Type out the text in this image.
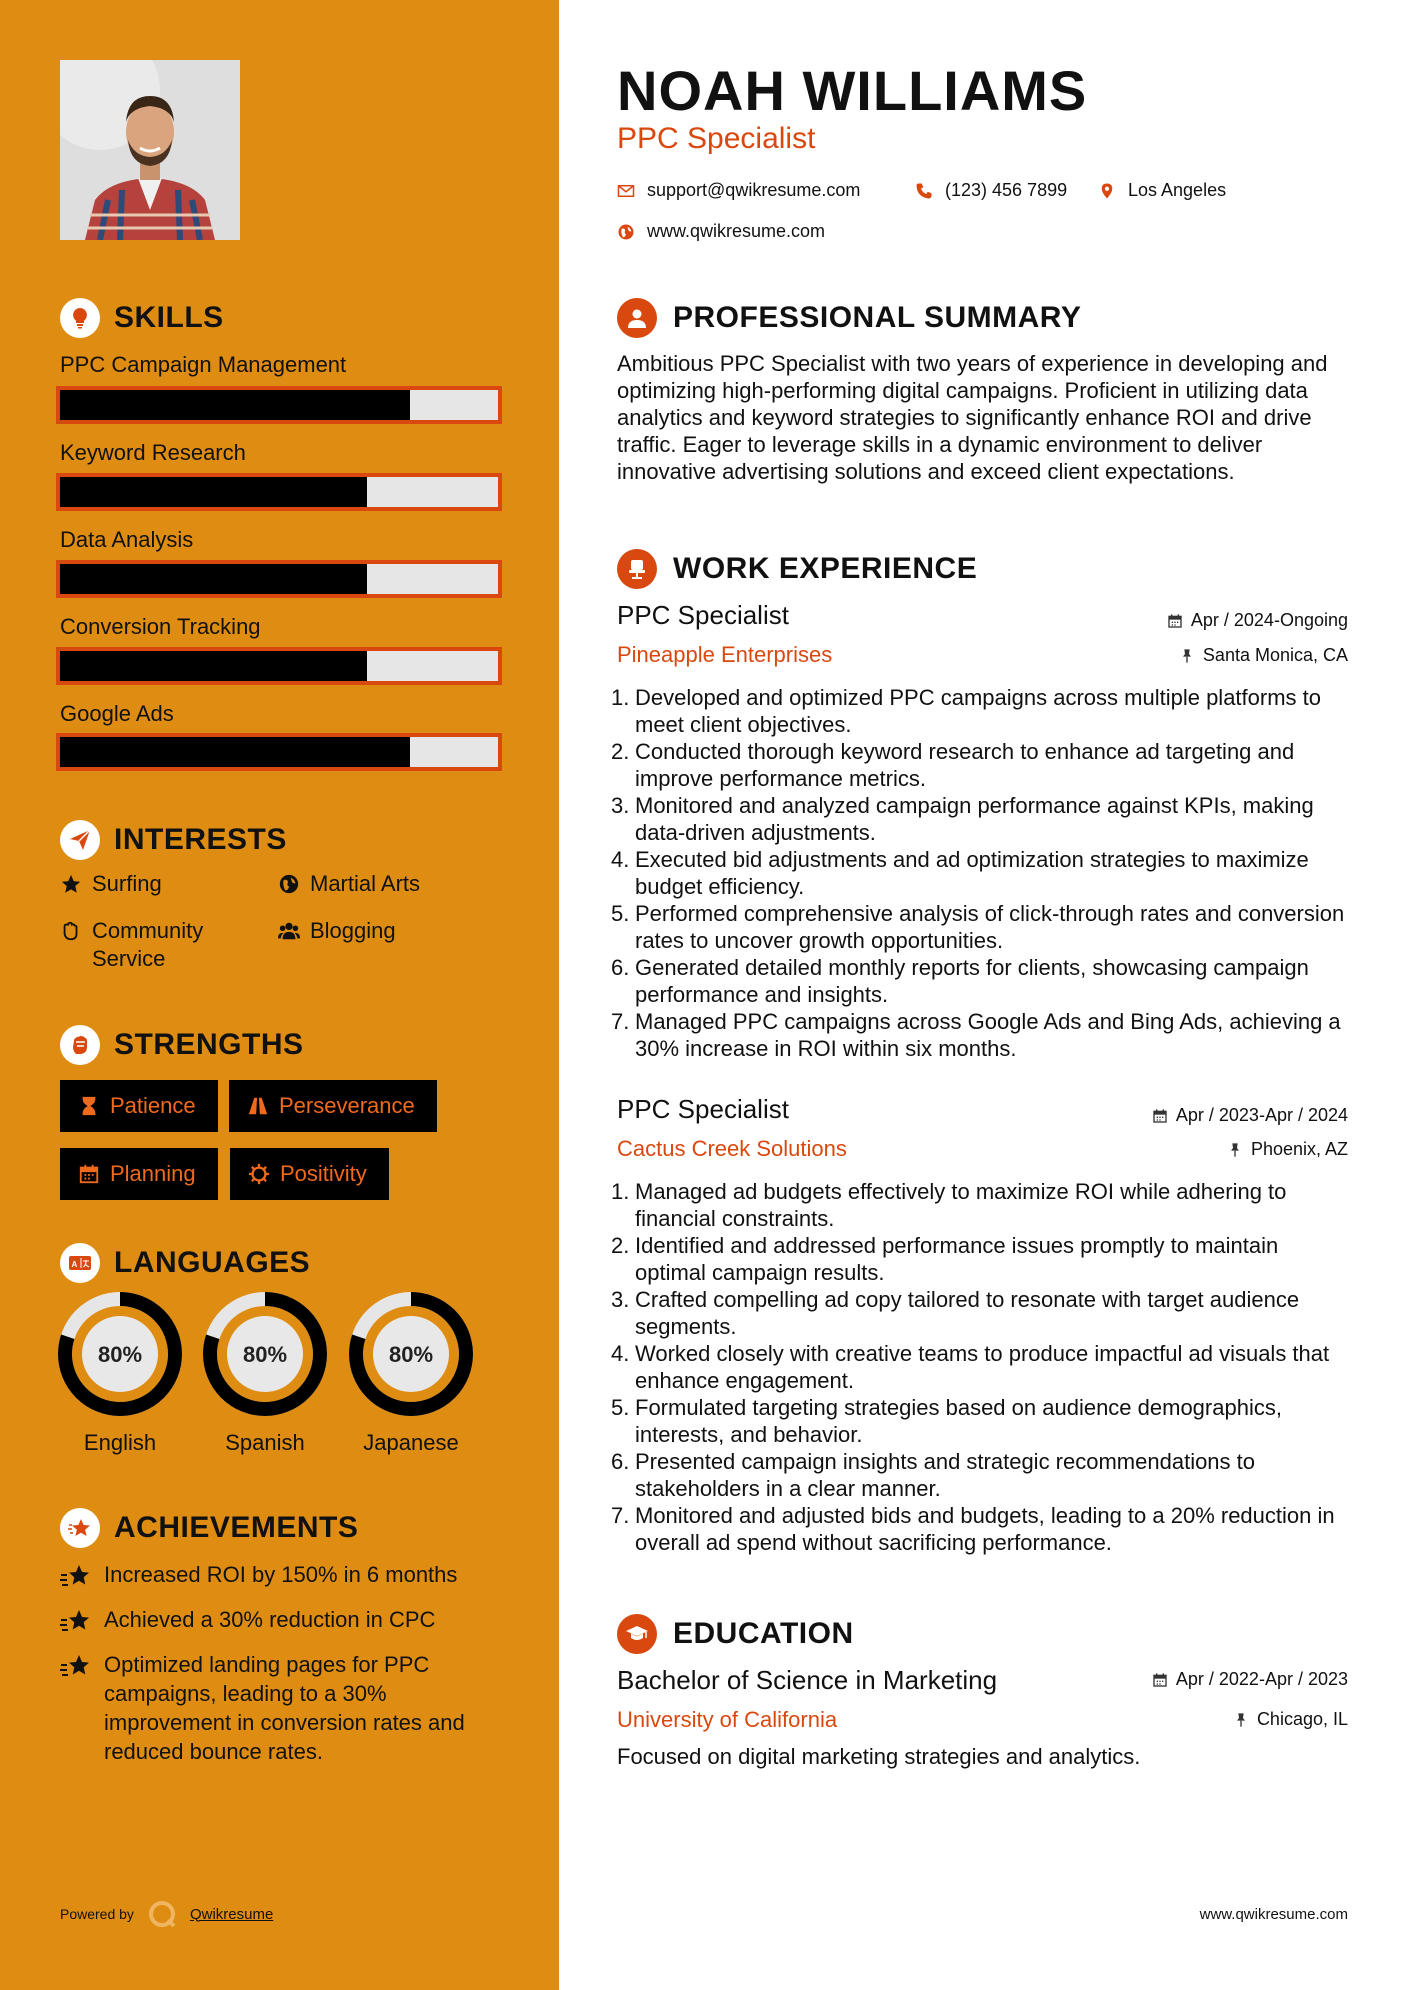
SKILLS
PPC Campaign Management
Keyword Research
Data Analysis
Conversion Tracking
Google Ads
INTERESTS
Surfing	Martial Arts
Community Service
Blogging
STRENGTHS
Patience	Perseverance
Planning	Positivity
A LANGUAGES
80%
English
80%
Spanish
80%
Japanese
ACHIEVEMENTS
Increased ROI by 150% in 6 months
Achieved a 30% reduction in CPC
Optimized landing pages for PPC campaigns, leading to a 30% improvement in conversion rates and reduced bounce rates.
Powered by	Qwikresume
NOAH WILLIAMS
PPC Specialist
support@qwikresume.com	(123) 456 7899	Los Angeles
www.qwikresume.com
PROFESSIONAL SUMMARY
Ambitious PPC Specialist with two years of experience in developing and optimizing high-performing digital campaigns. Proficient in utilizing data analytics and keyword strategies to significantly enhance ROI and drive traffic. Eager to leverage skills in a dynamic environment to deliver innovative advertising solutions and exceed client expectations.
WORK EXPERIENCE
PPC Specialist	Apr / 2024-Ongoing
Pineapple Enterprises	Santa Monica, CA
1. Developed and optimized PPC campaigns across multiple platforms to meet client objectives.
2. Conducted thorough keyword research to enhance ad targeting and improve performance metrics.
3. Monitored and analyzed campaign performance against KPIs, making data-driven adjustments.
4. Executed bid adjustments and ad optimization strategies to maximize budget efficiency.
5. Performed comprehensive analysis of click-through rates and conversion rates to uncover growth opportunities.
6. Generated detailed monthly reports for clients, showcasing campaign performance and insights.
7. Managed PPC campaigns across Google Ads and Bing Ads, achieving a 30% increase in ROI within six months.
PPC Specialist	Apr / 2023-Apr / 2024
Cactus Creek Solutions	Phoenix, AZ
1. Managed ad budgets effectively to maximize ROI while adhering to financial constraints.
2. Identified and addressed performance issues promptly to maintain optimal campaign results.
3. Crafted compelling ad copy tailored to resonate with target audience segments.
4. Worked closely with creative teams to produce impactful ad visuals that enhance engagement.
5. Formulated targeting strategies based on audience demographics, interests, and behavior.
6. Presented campaign insights and strategic recommendations to stakeholders in a clear manner.
7. Monitored and adjusted bids and budgets, leading to a 20% reduction in overall ad spend without sacrificing performance.
EDUCATION
Bachelor of Science in Marketing	Apr / 2022-Apr / 2023
University of California	Chicago, IL
Focused on digital marketing strategies and analytics.
www.qwikresume.com
